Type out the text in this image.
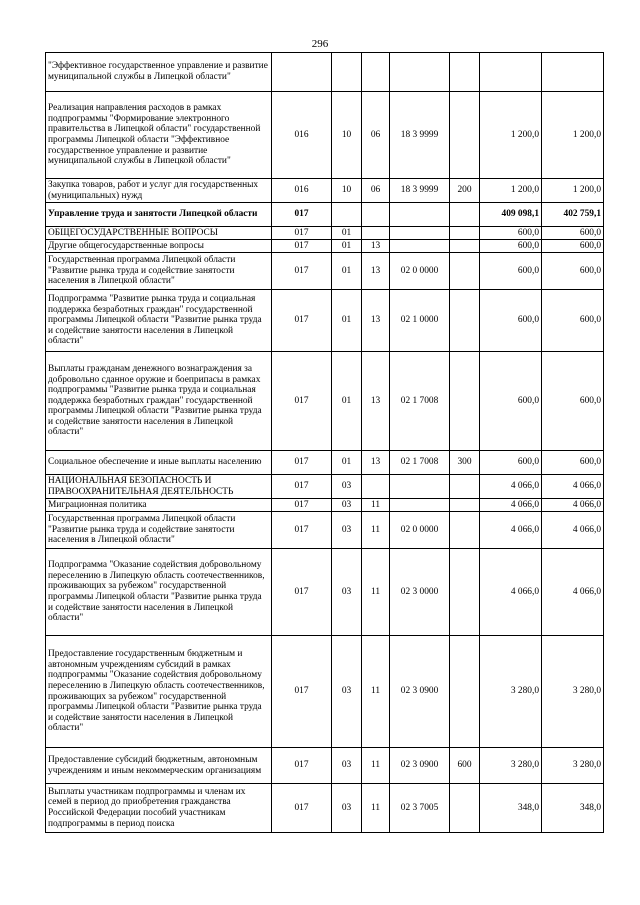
296
"Эффективное государственное управление и развитие муниципальной службы в Липецкой области"							
Реализация направления расходов в рамках подпрограммы "Формирование электронного правительства в Липецкой области" государственной программы Липецкой области "Эффективное государственное управление и развитие муниципальной службы в Липецкой области"	016	10	06	18 3 9999		1 200,0	1 200,0
Закупка товаров, работ и услуг для государственных (муниципальных) нужд	016	10	06	18 3 9999	200	1 200,0	1 200,0
Управление труда и занятости Липецкой области	017					409 098,1	402 759,1
ОБЩЕГОСУДАРСТВЕННЫЕ ВОПРОСЫ	017	01				600,0	600,0
Другие общегосударственные вопросы	017	01	13			600,0	600,0
Государственная программа Липецкой области "Развитие рынка труда и содействие занятости населения в Липецкой области"	017	01	13	02 0 0000		600,0	600,0
Подпрограмма "Развитие рынка труда и социальная поддержка безработных граждан" государственной программы Липецкой области "Развитие рынка труда и содействие занятости населения в Липецкой области"	017	01	13	02 1 0000		600,0	600,0
Выплаты гражданам денежного вознаграждения за добровольно сданное оружие и боеприпасы в рамках подпрограммы "Развитие рынка труда и социальная поддержка безработных граждан" государственной программы Липецкой области "Развитие рынка труда и содействие занятости населения в Липецкой области"	017	01	13	02 1 7008		600,0	600,0
Социальное обеспечение и иные выплаты населению	017	01	13	02 1 7008	300	600,0	600,0
НАЦИОНАЛЬНАЯ БЕЗОПАСНОСТЬ И ПРАВООХРАНИТЕЛЬНАЯ ДЕЯТЕЛЬНОСТЬ	017	03				4 066,0	4 066,0
Миграционная политика	017	03	11			4 066,0	4 066,0
Государственная программа Липецкой области "Развитие рынка труда и содействие занятости населения в Липецкой области"	017	03	11	02 0 0000		4 066,0	4 066,0
Подпрограмма "Оказание содействия добровольному переселению в Липецкую область соотечественников, проживающих за рубежом" государственной программы Липецкой области "Развитие рынка труда и содействие занятости населения в Липецкой области"	017	03	11	02 3 0000		4 066,0	4 066,0
Предоставление государственным бюджетным и автономным учреждениям субсидий в рамках подпрограммы "Оказание содействия добровольному переселению в Липецкую область соотечественников, проживающих за рубежом" государственной программы Липецкой области "Развитие рынка труда и содействие занятости населения в Липецкой области"	017	03	11	02 3 0900		3 280,0	3 280,0
Предоставление субсидий бюджетным, автономным учреждениям и иным некоммерческим организациям	017	03	11	02 3 0900	600	3 280,0	3 280,0
Выплаты участникам подпрограммы и членам их семей в период до приобретения гражданства Российской Федерации пособий участникам подпрограммы в период поиска	017	03	11	02 3 7005		348,0	348,0
